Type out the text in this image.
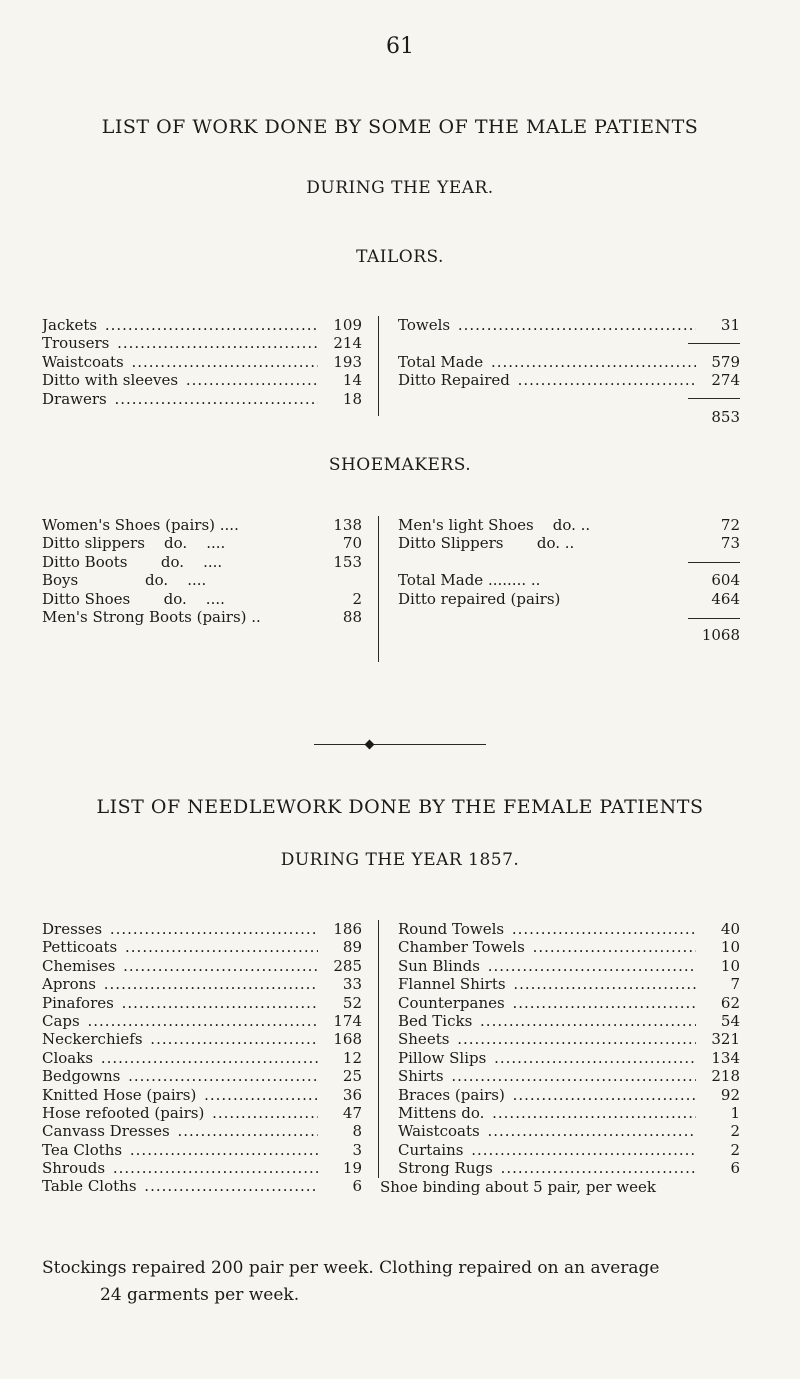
61
LIST OF WORK DONE BY SOME OF THE MALE PATIENTS
DURING THE YEAR.
TAILORS.
Jackets .....	109
Trousers .....	214
Waistcoats .....	193
Ditto with sleeves .....	14
Drawers .....	18
Towels .....	31
Total Made .....	579
Ditto Repaired .....	274
853
SHOEMAKERS.
Women's Shoes (pairs) ....	138
Ditto slippers    do.    ....	70
Ditto Boots       do.    ....	153
Boys              do.    ....
Ditto Shoes       do.    ....	2
Men's Strong Boots (pairs) ..	88
Men's light Shoes    do. ..	72
Ditto Slippers       do. ..	73
Total Made ........ ..	604
Ditto repaired (pairs)	464
1068
LIST OF NEEDLEWORK DONE BY THE FEMALE PATIENTS
DURING THE YEAR 1857.
Dresses .....	186
Petticoats .....	89
Chemises .....	285
Aprons .....	33
Pinafores .....	52
Caps .....	174
Neckerchiefs .....	168
Cloaks .....	12
Bedgowns .....	25
Knitted Hose (pairs) .....	36
Hose refooted (pairs) .....	47
Canvass Dresses .....	8
Tea Cloths .....	3
Shrouds .....	19
Table Cloths .....	6
Round Towels .....	40
Chamber Towels .....	10
Sun Blinds .....	10
Flannel Shirts .....	7
Counterpanes .....	62
Bed Ticks .....	54
Sheets .....	321
Pillow Slips .....	134
Shirts .....	218
Braces (pairs) .....	92
Mittens do. .....	1
Waistcoats .....	2
Curtains .....	2
Strong Rugs .....	6
Shoe binding about 5 pair, per week
Stockings repaired 200 pair per week. Clothing repaired on an average
24 garments per week.
